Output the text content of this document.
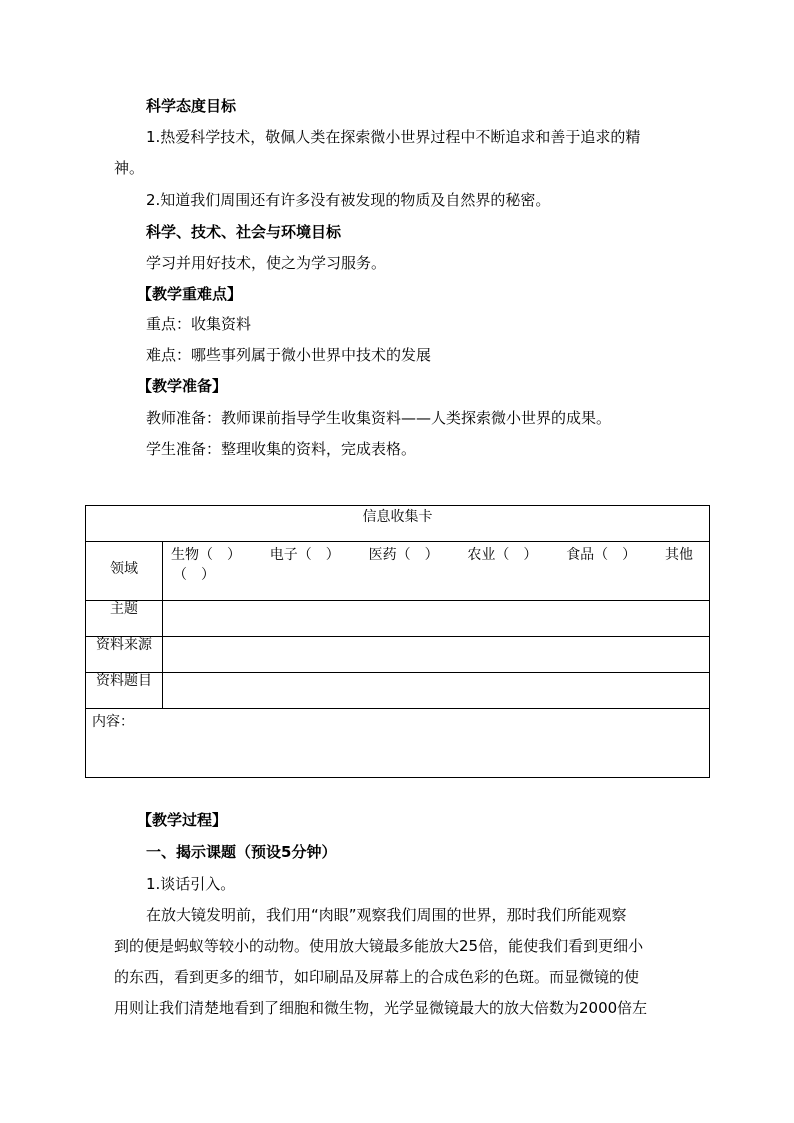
科学态度目标
1.热爱科学技术，敬佩人类在探索微小世界过程中不断追求和善于追求的精
神。
2.知道我们周围还有许多没有被发现的物质及自然界的秘密。
科学、技术、社会与环境目标
学习并用好技术，使之为学习服务。
【教学重难点】
重点：收集资料
难点：哪些事列属于微小世界中技术的发展
【教学准备】
教师准备：教师课前指导学生收集资料——人类探索微小世界的成果。
学生准备：整理收集的资料，完成表格。
信息收集卡
领域
生物（　） 电子（　） 医药（　） 农业（　） 食品（　） 其他
（　）
主题
资料来源
资料题目
内容：
【教学过程】
一、揭示课题（预设5分钟）
1.谈话引入。
在放大镜发明前，我们用“肉眼”观察我们周围的世界，那时我们所能观察
到的便是蚂蚁等较小的动物。使用放大镜最多能放大25倍，能使我们看到更细小
的东西，看到更多的细节，如印刷品及屏幕上的合成色彩的色斑。而显微镜的使
用则让我们清楚地看到了细胞和微生物，光学显微镜最大的放大倍数为2000倍左
